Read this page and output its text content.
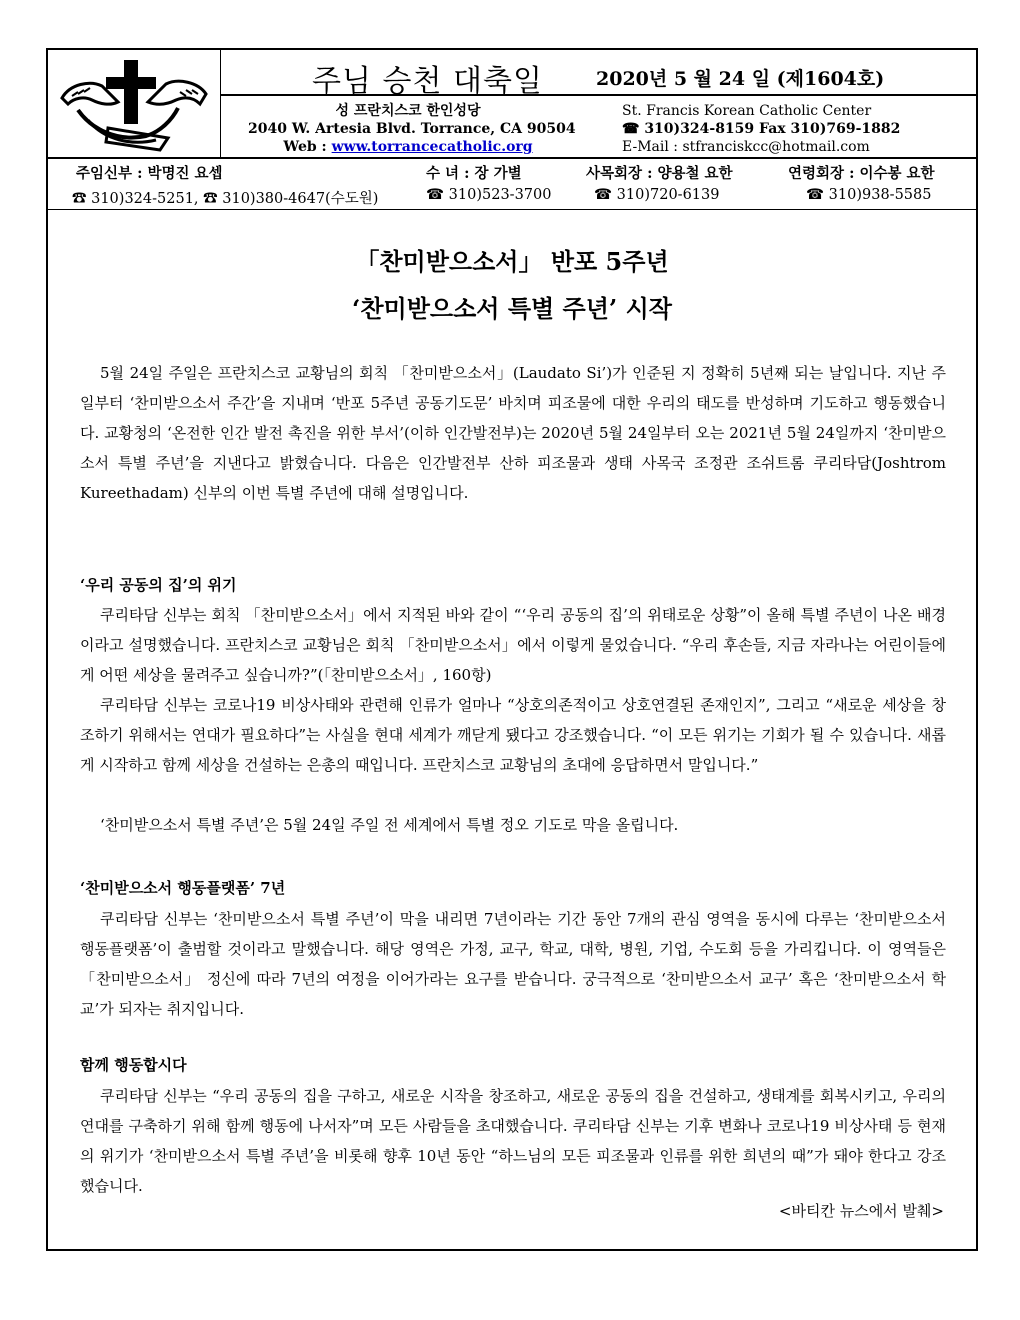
주님 승천 대축일	2020년 5 월 24 일 (제1604호)
성 프란치스코 한인성당
2040 W. Artesia Blvd. Torrance, CA 90504
Web : www.torrancecatholic.org
St. Francis Korean Catholic Center
☎ 310)324-8159 Fax 310)769-1882
E-Mail : stfranciskcc@hotmail.com
주임신부 : 박명진 요셉	수 녀 : 장 가별	사목회장 : 양용철 요한	연령회장 : 이수봉 요한
☎ 310)324-5251, ☎ 310)380-4647(수도원)	☎ 310)523-3700	☎ 310)720-6139	☎ 310)938-5585
「찬미받으소서」 반포 5주년
‘찬미받으소서 특별 주년’ 시작

5월 24일 주일은 프란치스코 교황님의 회칙 「찬미받으소서」(Laudato Si’)가 인준된 지 정확히 5년째 되는 날입니다. 지난 주일부터 ‘찬미받으소서 주간’을 지내며 ‘반포 5주년 공동기도문’ 바치며 피조물에 대한 우리의 태도를 반성하며 기도하고 행동했습니다. 교황청의 ‘온전한 인간 발전 촉진을 위한 부서’(이하 인간발전부)는 2020년 5월 24일부터 오는 2021년 5월 24일까지 ‘찬미받으소서 특별 주년’을 지낸다고 밝혔습니다. 다음은 인간발전부 산하 피조물과 생태 사목국 조정관 조쉬트롬 쿠리타담(Joshtrom Kureethadam) 신부의 이번 특별 주년에 대해 설명입니다.

‘우리 공동의 집’의 위기

쿠리타담 신부는 회칙 「찬미받으소서」에서 지적된 바와 같이 “‘우리 공동의 집’의 위태로운 상황”이 올해 특별 주년이 나온 배경이라고 설명했습니다. 프란치스코 교황님은 회칙 「찬미받으소서」에서 이렇게 물었습니다. “우리 후손들, 지금 자라나는 어린이들에게 어떤 세상을 물려주고 싶습니까?”(「찬미받으소서」, 160항)

쿠리타담 신부는 코로나19 비상사태와 관련해 인류가 얼마나 “상호의존적이고 상호연결된 존재인지”, 그리고 “새로운 세상을 창조하기 위해서는 연대가 필요하다”는 사실을 현대 세계가 깨닫게 됐다고 강조했습니다. “이 모든 위기는 기회가 될 수 있습니다. 새롭게 시작하고 함께 세상을 건설하는 은총의 때입니다. 프란치스코 교황님의 초대에 응답하면서 말입니다.”

‘찬미받으소서 특별 주년’은 5월 24일 주일 전 세계에서 특별 정오 기도로 막을 올립니다.

‘찬미받으소서 행동플랫폼’ 7년

쿠리타담 신부는 ‘찬미받으소서 특별 주년’이 막을 내리면 7년이라는 기간 동안 7개의 관심 영역을 동시에 다루는 ‘찬미받으소서 행동플랫폼’이 출범할 것이라고 말했습니다. 해당 영역은 가정, 교구, 학교, 대학, 병원, 기업, 수도회 등을 가리킵니다. 이 영역들은 「찬미받으소서」 정신에 따라 7년의 여정을 이어가라는 요구를 받습니다. 궁극적으로 ‘찬미받으소서 교구’ 혹은 ‘찬미받으소서 학교’가 되자는 취지입니다.

함께 행동합시다

쿠리타담 신부는 “우리 공동의 집을 구하고, 새로운 시작을 창조하고, 새로운 공동의 집을 건설하고, 생태계를 회복시키고, 우리의 연대를 구축하기 위해 함께 행동에 나서자”며 모든 사람들을 초대했습니다. 쿠리타담 신부는 기후 변화나 코로나19 비상사태 등 현재의 위기가 ‘찬미받으소서 특별 주년’을 비롯해 향후 10년 동안 “하느님의 모든 피조물과 인류를 위한 희년의 때”가 돼야 한다고 강조했습니다.

<바티칸 뉴스에서 발췌>
